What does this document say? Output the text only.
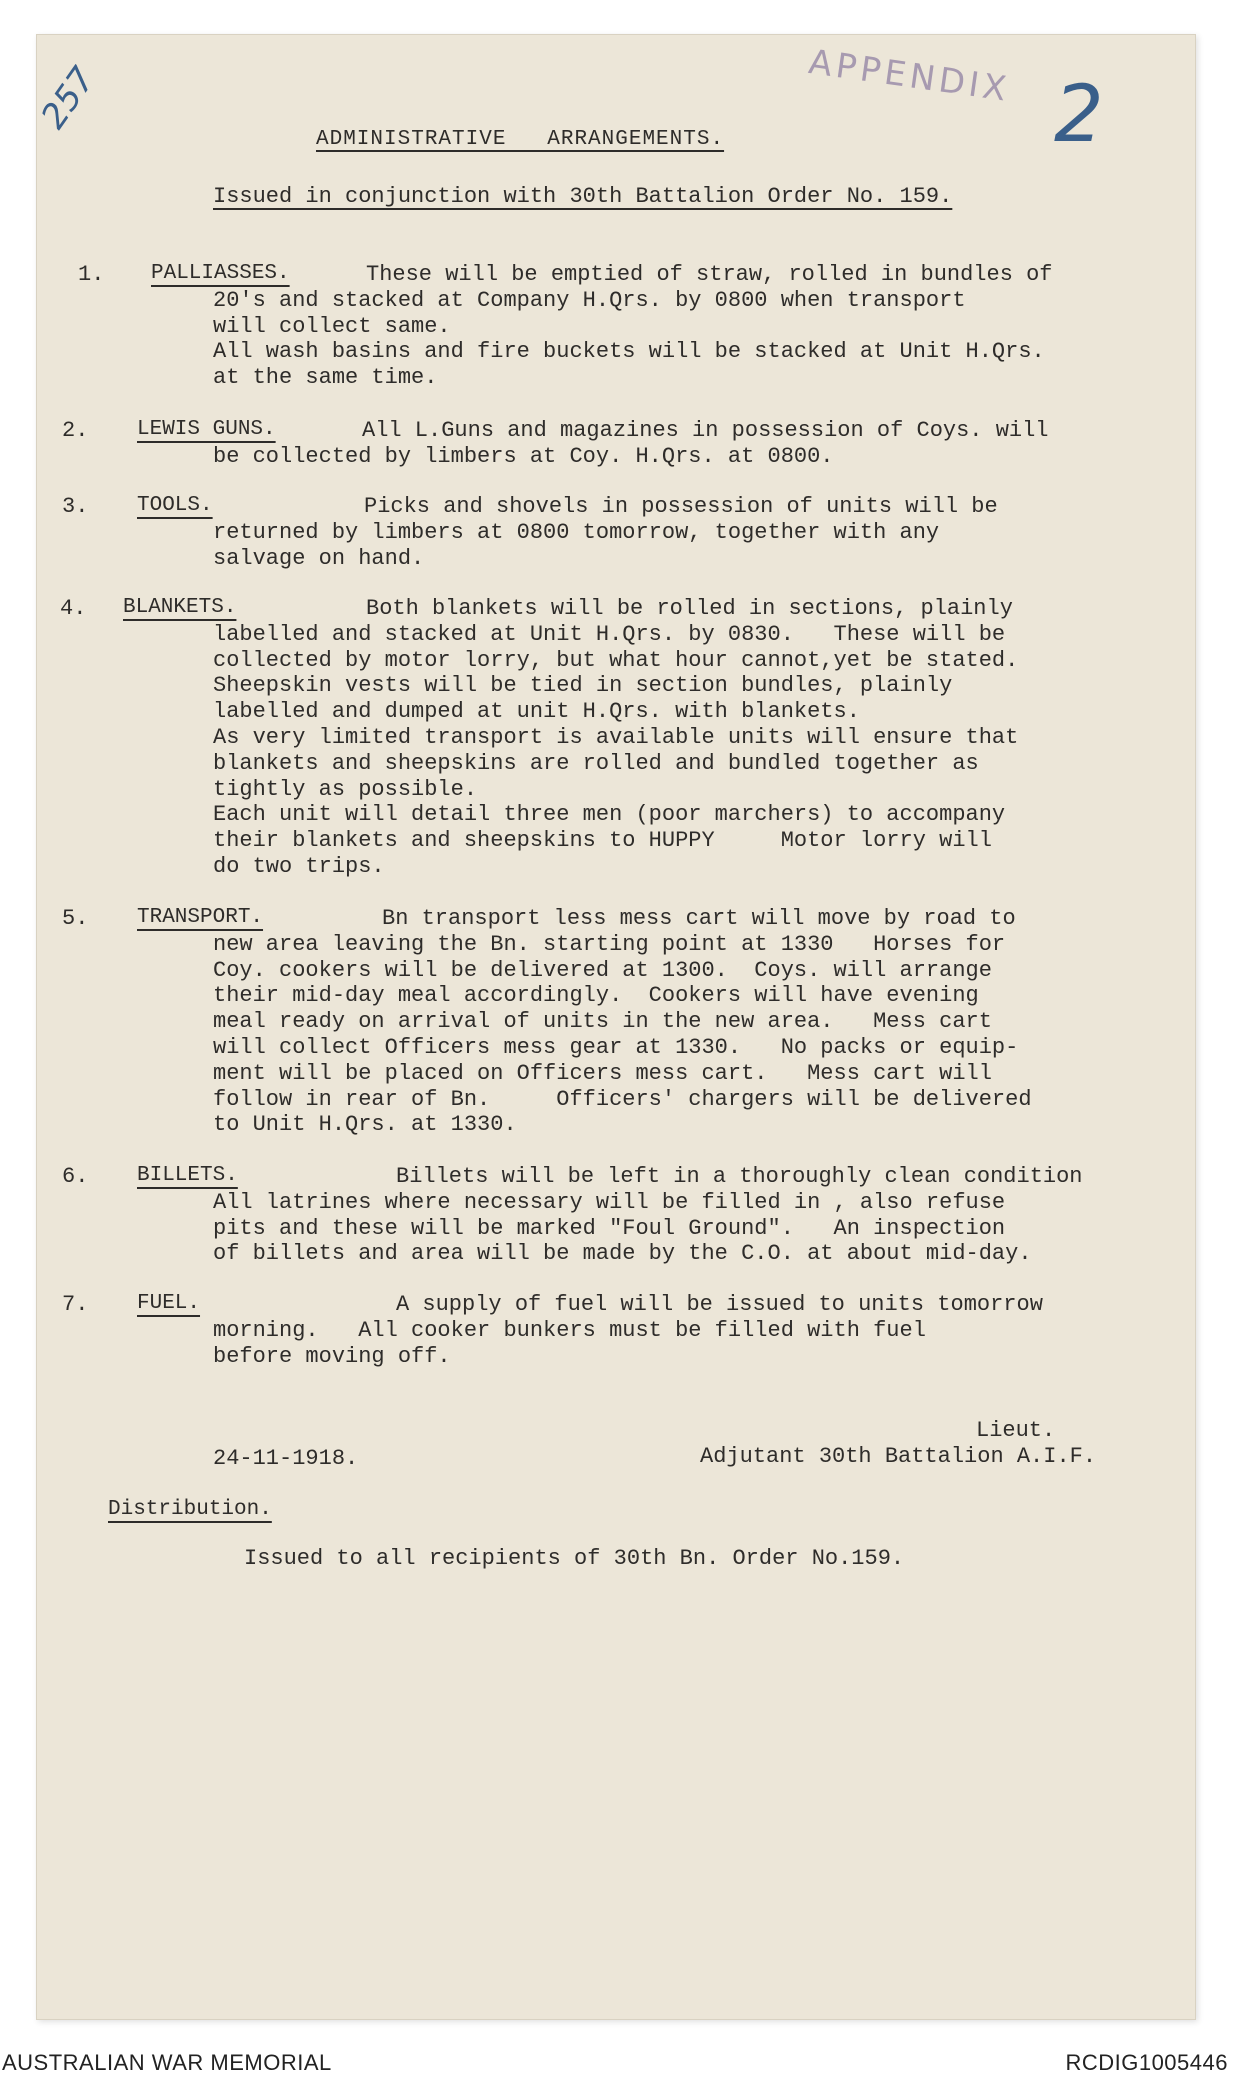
257	APPENDIX 2
ADMINISTRATIVE   ARRANGEMENTS.
Issued in conjunction with 30th Battalion Order No. 159.
1. PALLIASSES.	These will be emptied of straw, rolled in bundles of
20's and stacked at Company H.Qrs. by 0800 when transport
will collect same.
All wash basins and fire buckets will be stacked at Unit H.Qrs.
at the same time.
2. LEWIS GUNS.	All L.Guns and magazines in possession of Coys. will
be collected by limbers at Coy. H.Qrs. at 0800.
3. TOOLS.	Picks and shovels in possession of units will be
returned by limbers at 0800 tomorrow, together with any
salvage on hand.
4. BLANKETS.	Both blankets will be rolled in sections, plainly
labelled and stacked at Unit H.Qrs. by 0830.   These will be
collected by motor lorry, but what hour cannot,yet be stated.
Sheepskin vests will be tied in section bundles, plainly
labelled and dumped at unit H.Qrs. with blankets.
As very limited transport is available units will ensure that
blankets and sheepskins are rolled and bundled together as
tightly as possible.
Each unit will detail three men (poor marchers) to accompany
their blankets and sheepskins to HUPPY     Motor lorry will
do two trips.
5. TRANSPORT.	Bn transport less mess cart will move by road to
new area leaving the Bn. starting point at 1330   Horses for
Coy. cookers will be delivered at 1300.  Coys. will arrange
their mid-day meal accordingly.  Cookers will have evening
meal ready on arrival of units in the new area.   Mess cart
will collect Officers mess gear at 1330.   No packs or equip-
ment will be placed on Officers mess cart.   Mess cart will
follow in rear of Bn.     Officers' chargers will be delivered
to Unit H.Qrs. at 1330.
6. BILLETS.	Billets will be left in a thoroughly clean condition
All latrines where necessary will be filled in , also refuse
pits and these will be marked "Foul Ground".   An inspection
of billets and area will be made by the C.O. at about mid-day.
7. FUEL.	A supply of fuel will be issued to units tomorrow
morning.   All cooker bunkers must be filled with fuel
before moving off.
Lieut.
Adjutant 30th Battalion A.I.F.
24-11-1918.
Distribution.
Issued to all recipients of 30th Bn. Order No.159.
AUSTRALIAN WAR MEMORIAL	RCDIG1005446
